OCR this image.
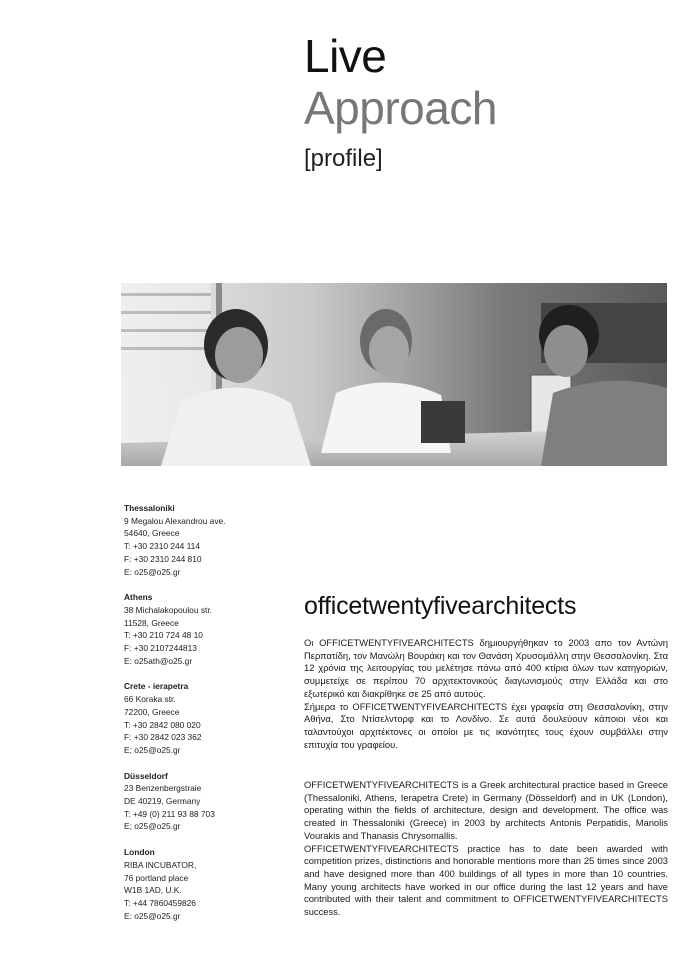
Live
Approach
[profile]
Thessaloniki
9 Megalou Alexandrou ave.
54640, Greece
T: +30 2310 244 114
F: +30 2310 244 810
E: o25@o25.gr
Athens
38 Michalakopoulou str.
11528, Greece
T: +30 210 724 48 10
F: +30 2107244813
E: o25ath@o25.gr
Crete - ierapetra
66 Koraka str.
72200, Greece
T: +30 2842 080 020
F: +30 2842 023 362
E; o25@o25.gr
Düsseldorf
23 Benzenbergstraie
DE 40219, Germany
T: +49 (0) 211 93 88 703
E; o25@o25.gr
London
RIBA INCUBATOR,
76 portland place
W1B 1AD, U.K.
T: +44 7860459826
E: o25@o25.gr
officetwentyfivearchitects

Οι OFFICETWENTYFIVEARCHITECTS δημιουργήθηκαν το 2003 απο τον Αντώνη Περπατίδη, τον Μανώλη Βουράκη και τον Θανάση Χρυσομάλλη στην Θεσσαλονίκη. Στα 12 χρόνια της λειτουργίας του μελέτησε πάνω από 400 κτίρια όλων των κατηγοριών, συμμετείχε σε περίπου 70 αρχιτεκτονικούς διαγωνισμούς στην Ελλάδα και στο εξωτερικό και διακρίθηκε σε 25 από αυτούς.

Σήμερα το OFFICETWENTYFIVEARCHITECTS έχει γραφεία στη Θεσσαλονίκη, στην Αθήνα, Στο Ντίσελντορφ και το Λονδίνο. Σε αυτά δουλεύουν κάποιοι νέοι και ταλαντούχοι αρχιτέκτονες οι οποίοι με τις ικανότητες τους έχουν συμβάλλει στην επιτυχία του γραφείου.

OFFICETWENTYFIVEARCHITECTS is a Greek architectural practice based in Greece (Thessaloniki, Athens, Ierapetra Crete) in Germany (Dösseldorf) and in UK (London), operating within the fields of architecture, design and development. The office was created in Thessaloniki (Greece) in 2003 by architects Antonis Perpatidis, Manolis Vourakis and Thanasis Chrysomallis.

OFFICETWENTYFIVEARCHITECTS practice has to date been awarded with competition prizes, distinctions and honorable mentions more than 25 times since 2003 and have designed more than 400 buildings of all types in more than 10 countries. Many young architects have worked in our office during the last 12 years and have contributed with their talent and commitment to OFFICETWENTYFIVEARCHITECTS success.
